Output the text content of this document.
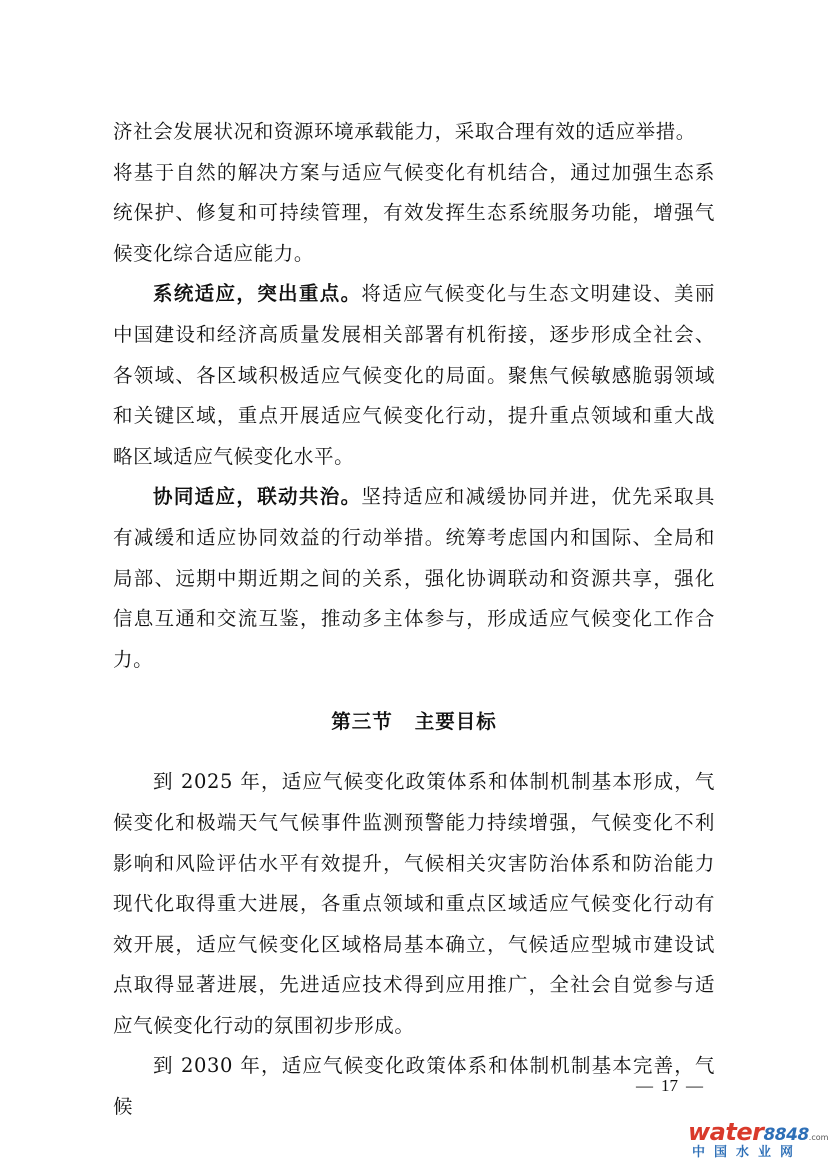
济社会发展状况和资源环境承载能力，采取合理有效的适应举措。

将基于自然的解决方案与适应气候变化有机结合，通过加强生态系统保护、修复和可持续管理，有效发挥生态系统服务功能，增强气候变化综合适应能力。

系统适应，突出重点。将适应气候变化与生态文明建设、美丽中国建设和经济高质量发展相关部署有机衔接，逐步形成全社会、各领域、各区域积极适应气候变化的局面。聚焦气候敏感脆弱领域和关键区域，重点开展适应气候变化行动，提升重点领域和重大战略区域适应气候变化水平。

协同适应，联动共治。坚持适应和减缓协同并进，优先采取具有减缓和适应协同效益的行动举措。统筹考虑国内和国际、全局和局部、远期中期近期之间的关系，强化协调联动和资源共享，强化信息互通和交流互鉴，推动多主体参与，形成适应气候变化工作合力。

第三节 主要目标

到 2025 年，适应气候变化政策体系和体制机制基本形成，气候变化和极端天气气候事件监测预警能力持续增强，气候变化不利影响和风险评估水平有效提升，气候相关灾害防治体系和防治能力现代化取得重大进展，各重点领域和重点区域适应气候变化行动有效开展，适应气候变化区域格局基本确立，气候适应型城市建设试点取得显著进展，先进适应技术得到应用推广，全社会自觉参与适应气候变化行动的氛围初步形成。

到 2030 年，适应气候变化政策体系和体制机制基本完善，气候

— 17 —
water8848.com
中国水业网
